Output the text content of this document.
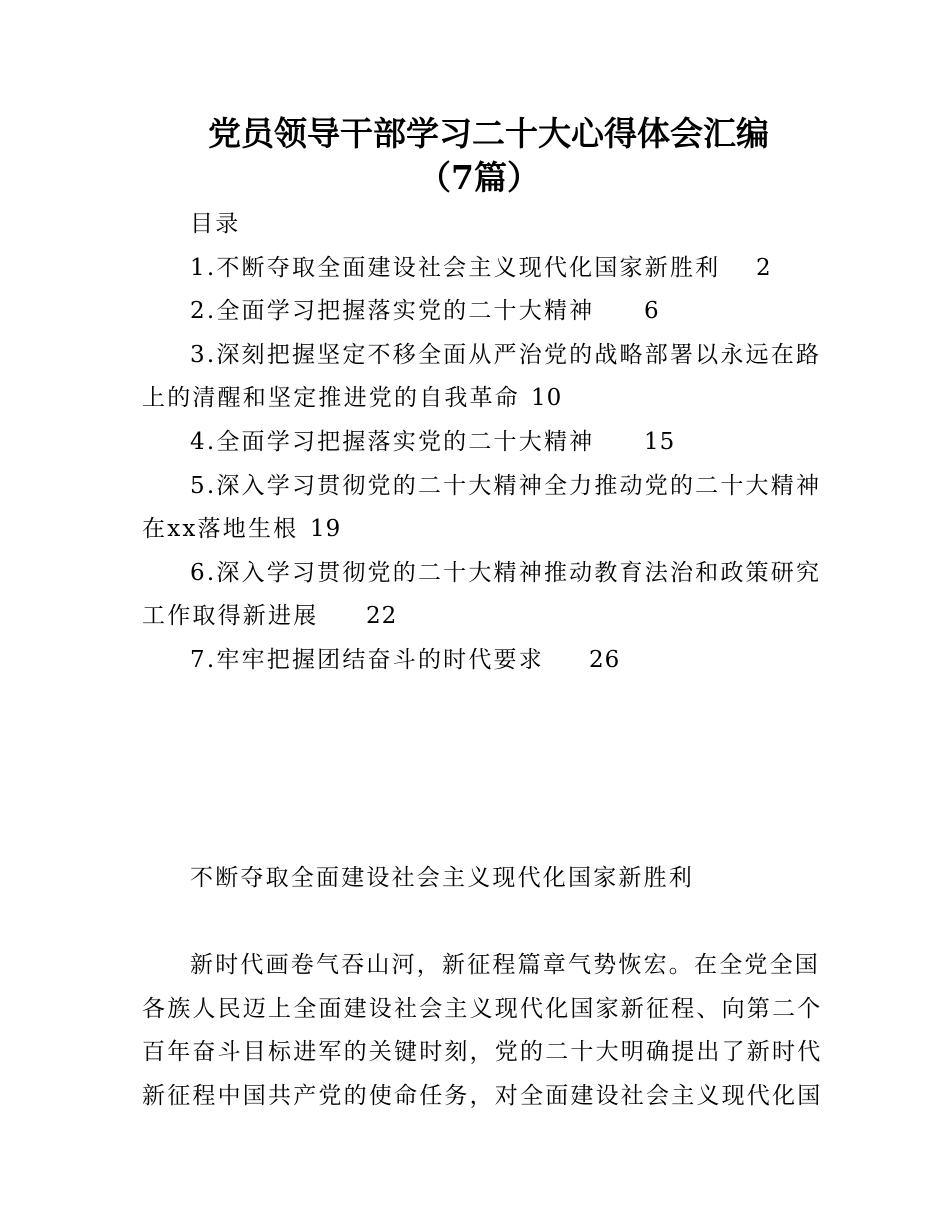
党员领导干部学习二十大心得体会汇编
（7篇）
目录
1.不断夺取全面建设社会主义现代化国家新胜利 2
2.全面学习把握落实党的二十大精神 6
3.深刻把握坚定不移全面从严治党的战略部署以永远在路
上的清醒和坚定推进党的自我革命 10
4.全面学习把握落实党的二十大精神 15
5.深入学习贯彻党的二十大精神全力推动党的二十大精神
在xx落地生根 19
6.深入学习贯彻党的二十大精神推动教育法治和政策研究
工作取得新进展 22
7.牢牢把握团结奋斗的时代要求 26
不断夺取全面建设社会主义现代化国家新胜利
新时代画卷气吞山河，新征程篇章气势恢宏。在全党全国
各族人民迈上全面建设社会主义现代化国家新征程、向第二个
百年奋斗目标进军的关键时刻，党的二十大明确提出了新时代
新征程中国共产党的使命任务，对全面建设社会主义现代化国
